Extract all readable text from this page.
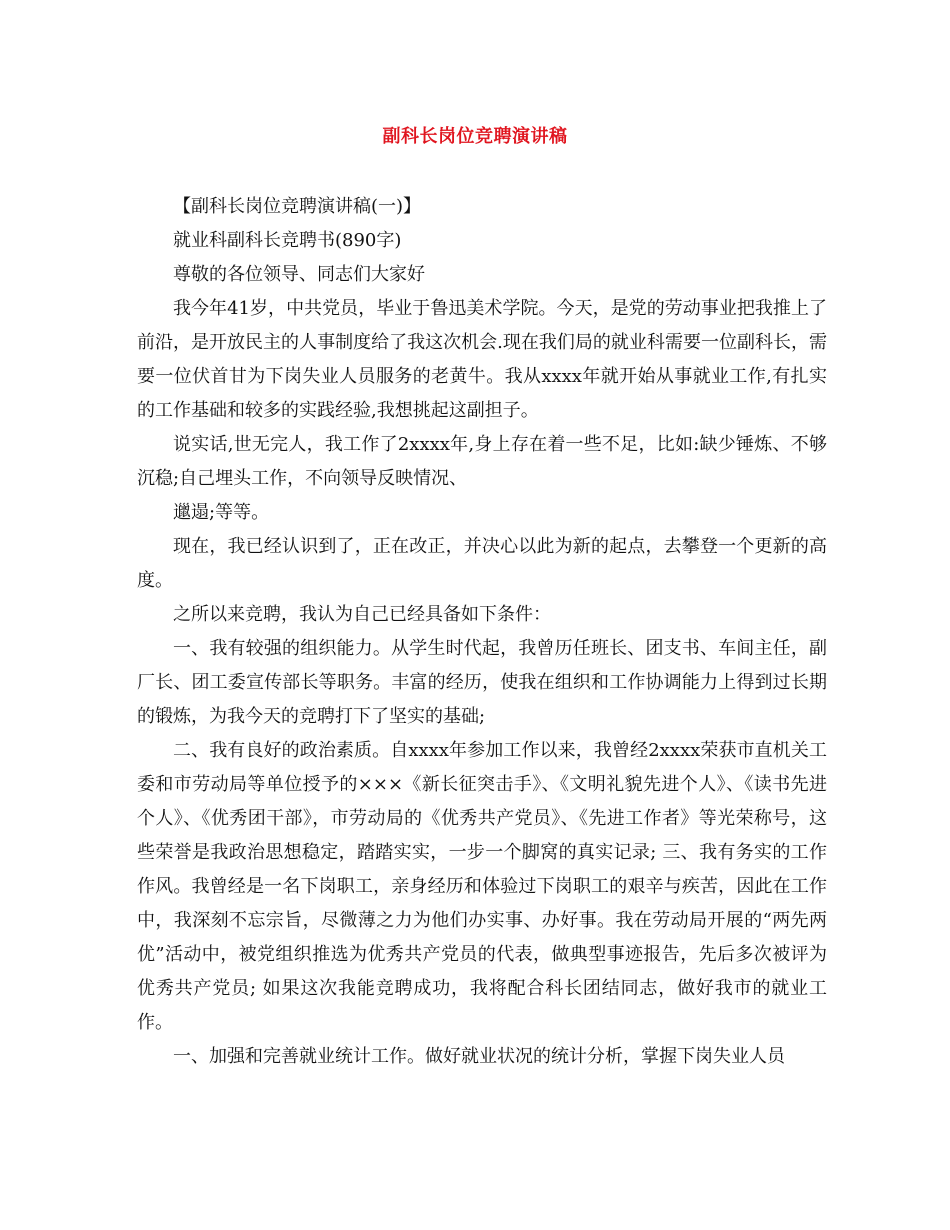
副科长岗位竞聘演讲稿

【副科长岗位竞聘演讲稿(一)】

就业科副科长竞聘书(890字)

尊敬的各位领导、同志们大家好

我今年41岁，中共党员，毕业于鲁迅美术学院。今天，是党的劳动事业把我推上了前沿，是开放民主的人事制度给了我这次机会.现在我们局的就业科需要一位副科长，需要一位伏首甘为下岗失业人员服务的老黄牛。我从xxxx年就开始从事就业工作,有扎实的工作基础和较多的实践经验,我想挑起这副担子。

说实话,世无完人，我工作了2xxxx年,身上存在着一些不足，比如:缺少锤炼、不够沉稳;自己埋头工作，不向领导反映情况、

邋遢;等等。

现在，我已经认识到了，正在改正，并决心以此为新的起点，去攀登一个更新的高度。

之所以来竞聘，我认为自己已经具备如下条件：

一、我有较强的组织能力。从学生时代起，我曾历任班长、团支书、车间主任，副厂长、团工委宣传部长等职务。丰富的经历，使我在组织和工作协调能力上得到过长期的锻炼，为我今天的竞聘打下了坚实的基础;

二、我有良好的政治素质。自xxxx年参加工作以来，我曾经2xxxx荣获市直机关工委和市劳动局等单位授予的×××《新长征突击手》、《文明礼貌先进个人》、《读书先进个人》、《优秀团干部》，市劳动局的《优秀共产党员》、《先进工作者》等光荣称号，这些荣誉是我政治思想稳定，踏踏实实，一步一个脚窝的真实记录; 三、我有务实的工作作风。我曾经是一名下岗职工，亲身经历和体验过下岗职工的艰辛与疾苦，因此在工作中，我深刻不忘宗旨，尽微薄之力为他们办实事、办好事。我在劳动局开展的“两先两优”活动中，被党组织推选为优秀共产党员的代表，做典型事迹报告，先后多次被评为优秀共产党员; 如果这次我能竞聘成功，我将配合科长团结同志，做好我市的就业工作。

一、加强和完善就业统计工作。做好就业状况的统计分析，掌握下岗失业人员
